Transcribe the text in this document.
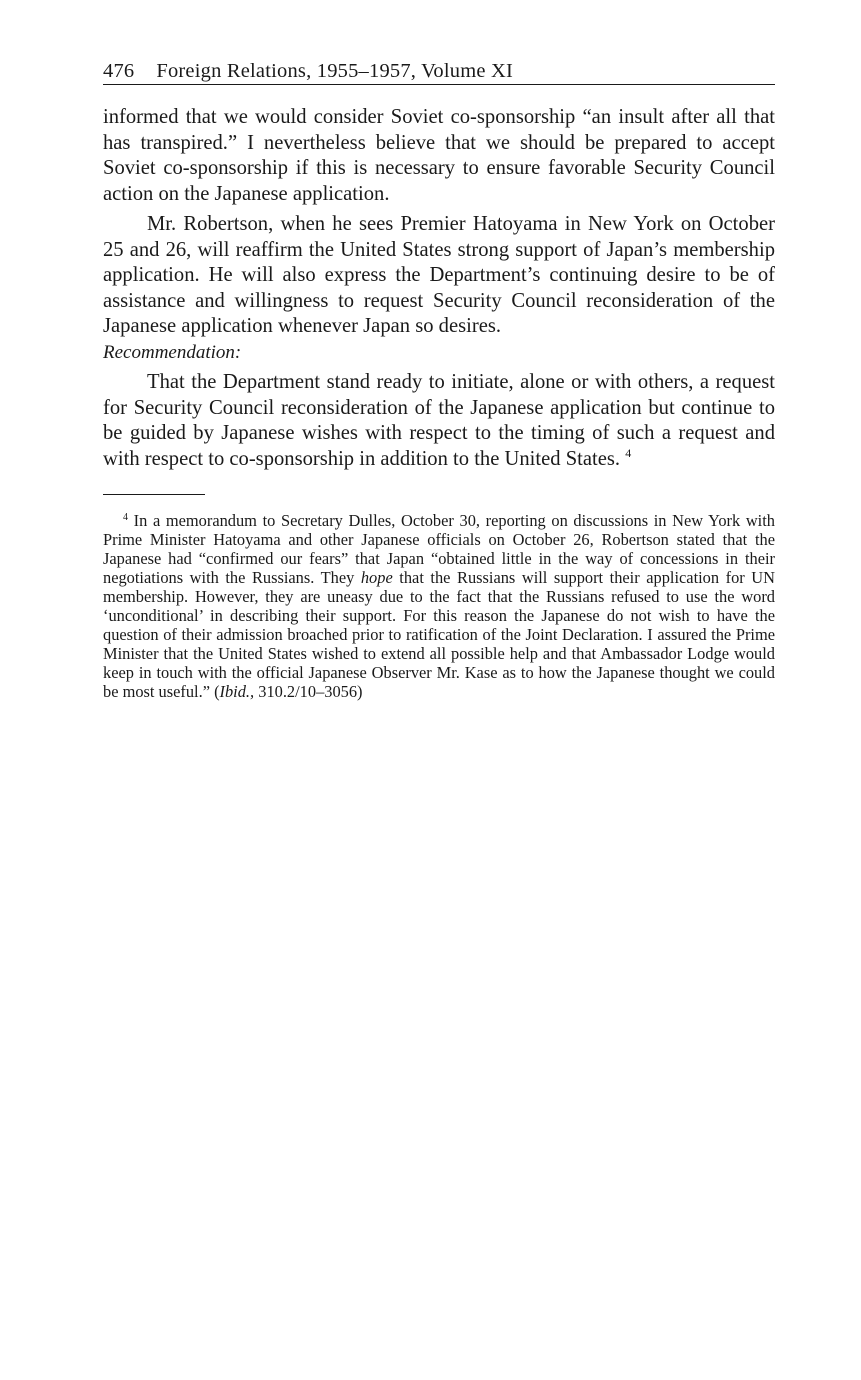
476 Foreign Relations, 1955–1957, Volume XI

informed that we would consider Soviet co-sponsorship “an insult after all that has transpired.” I nevertheless believe that we should be prepared to accept Soviet co-sponsorship if this is necessary to ensure favorable Security Council action on the Japanese application.

Mr. Robertson, when he sees Premier Hatoyama in New York on October 25 and 26, will reaffirm the United States strong support of Japan’s membership application. He will also express the Department’s continuing desire to be of assistance and willingness to request Security Council reconsideration of the Japanese application whenever Japan so desires.

Recommendation:

That the Department stand ready to initiate, alone or with others, a request for Security Council reconsideration of the Japanese application but continue to be guided by Japanese wishes with respect to the timing of such a request and with respect to co-sponsorship in addition to the United States. $^4$

$^4$ In a memorandum to Secretary Dulles, October 30, reporting on discussions in New York with Prime Minister Hatoyama and other Japanese officials on October 26, Robertson stated that the Japanese had “confirmed our fears” that Japan “obtained little in the way of concessions in their negotiations with the Russians. They hope that the Russians will support their application for UN membership. However, they are uneasy due to the fact that the Russians refused to use the word ‘unconditional’ in describing their support. For this reason the Japanese do not wish to have the question of their admission broached prior to ratification of the Joint Declaration. I assured the Prime Minister that the United States wished to extend all possible help and that Ambassador Lodge would keep in touch with the official Japanese Observer Mr. Kase as to how the Japanese thought we could be most useful.” (Ibid., 310.2/10–3056)
